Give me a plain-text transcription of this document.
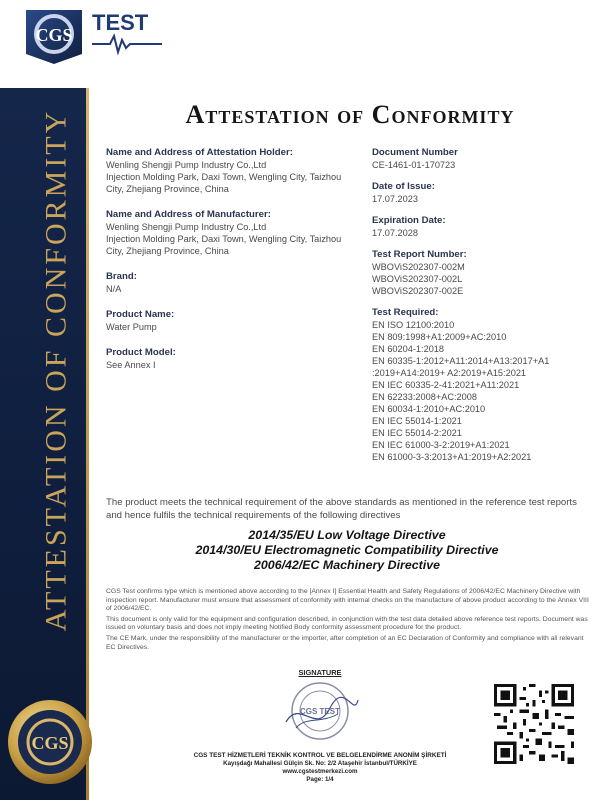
CGS TEST
ATTESTATION OF CONFORMITY
CGS
Attestation of Conformity
Name and Address of Attestation Holder:
Wenling Shengji Pump Industry Co.,Ltd
Injection Molding Park, Daxi Town, Wengling City, Taizhou
City, Zhejiang Province, China
Name and Address of Manufacturer:
Wenling Shengji Pump Industry Co.,Ltd
Injection Molding Park, Daxi Town, Wengling City, Taizhou
City, Zhejiang Province, China
Brand:
N/A
Product Name:
Water Pump
Product Model:
See Annex I
Document Number
CE-1461-01-170723
Date of Issue:
17.07.2023
Expiration Date:
17.07.2028
Test Report Number:
WBOViS202307-002M
WBOViS202307-002L
WBOViS202307-002E
Test Required:
EN ISO 12100:2010
EN 809:1998+A1:2009+AC:2010
EN 60204-1:2018
EN 60335-1:2012+A11:2014+A13:2017+A1
:2019+A14:2019+ A2:2019+A15:2021
EN IEC 60335-2-41:2021+A11:2021
EN 62233:2008+AC:2008
EN 60034-1:2010+AC:2010
EN IEC 55014-1:2021
EN IEC 55014-2:2021
EN IEC 61000-3-2:2019+A1:2021
EN 61000-3-3:2013+A1:2019+A2:2021
The product meets the technical requirement of the above standards as mentioned in the reference test reports and hence fulfils the technical requirements of the following directives
2014/35/EU Low Voltage Directive
2014/30/EU Electromagnetic Compatibility Directive
2006/42/EC Machinery Directive

CGS Test confirms type which is mentioned above according to the [Annex I] Essential Health and Safety Regulations of 2006/42/EC Machinery Directive with inspection report. Manufacturer must ensure that assessment of conformity with internal checks on the manufacture of above product according to the Annex VIII of 2006/42/EC.

This document is only valid for the equipment and configuration described, in conjunction with the test data detailed above reference test reports. Document was issued on voluntary basis and does not imply meeting Notified Body conformity assessment procedure for the product.

The CE Mark, under the responsibility of the manufacturer or the importer, after completion of an EC Declaration of Conformity and compliance with all relevant EC Directives.

SIGNATURE
CGS TEST
CGS TEST HİZMETLERİ TEKNİK KONTROL VE BELGELENDİRME ANONİM ŞİRKETİ
Kayışdağı Mahallesi Gülçin Sk. No: 2/2 Ataşehir İstanbul/TÜRKİYE
www.cgstestmerkezi.com
Page: 1/4
